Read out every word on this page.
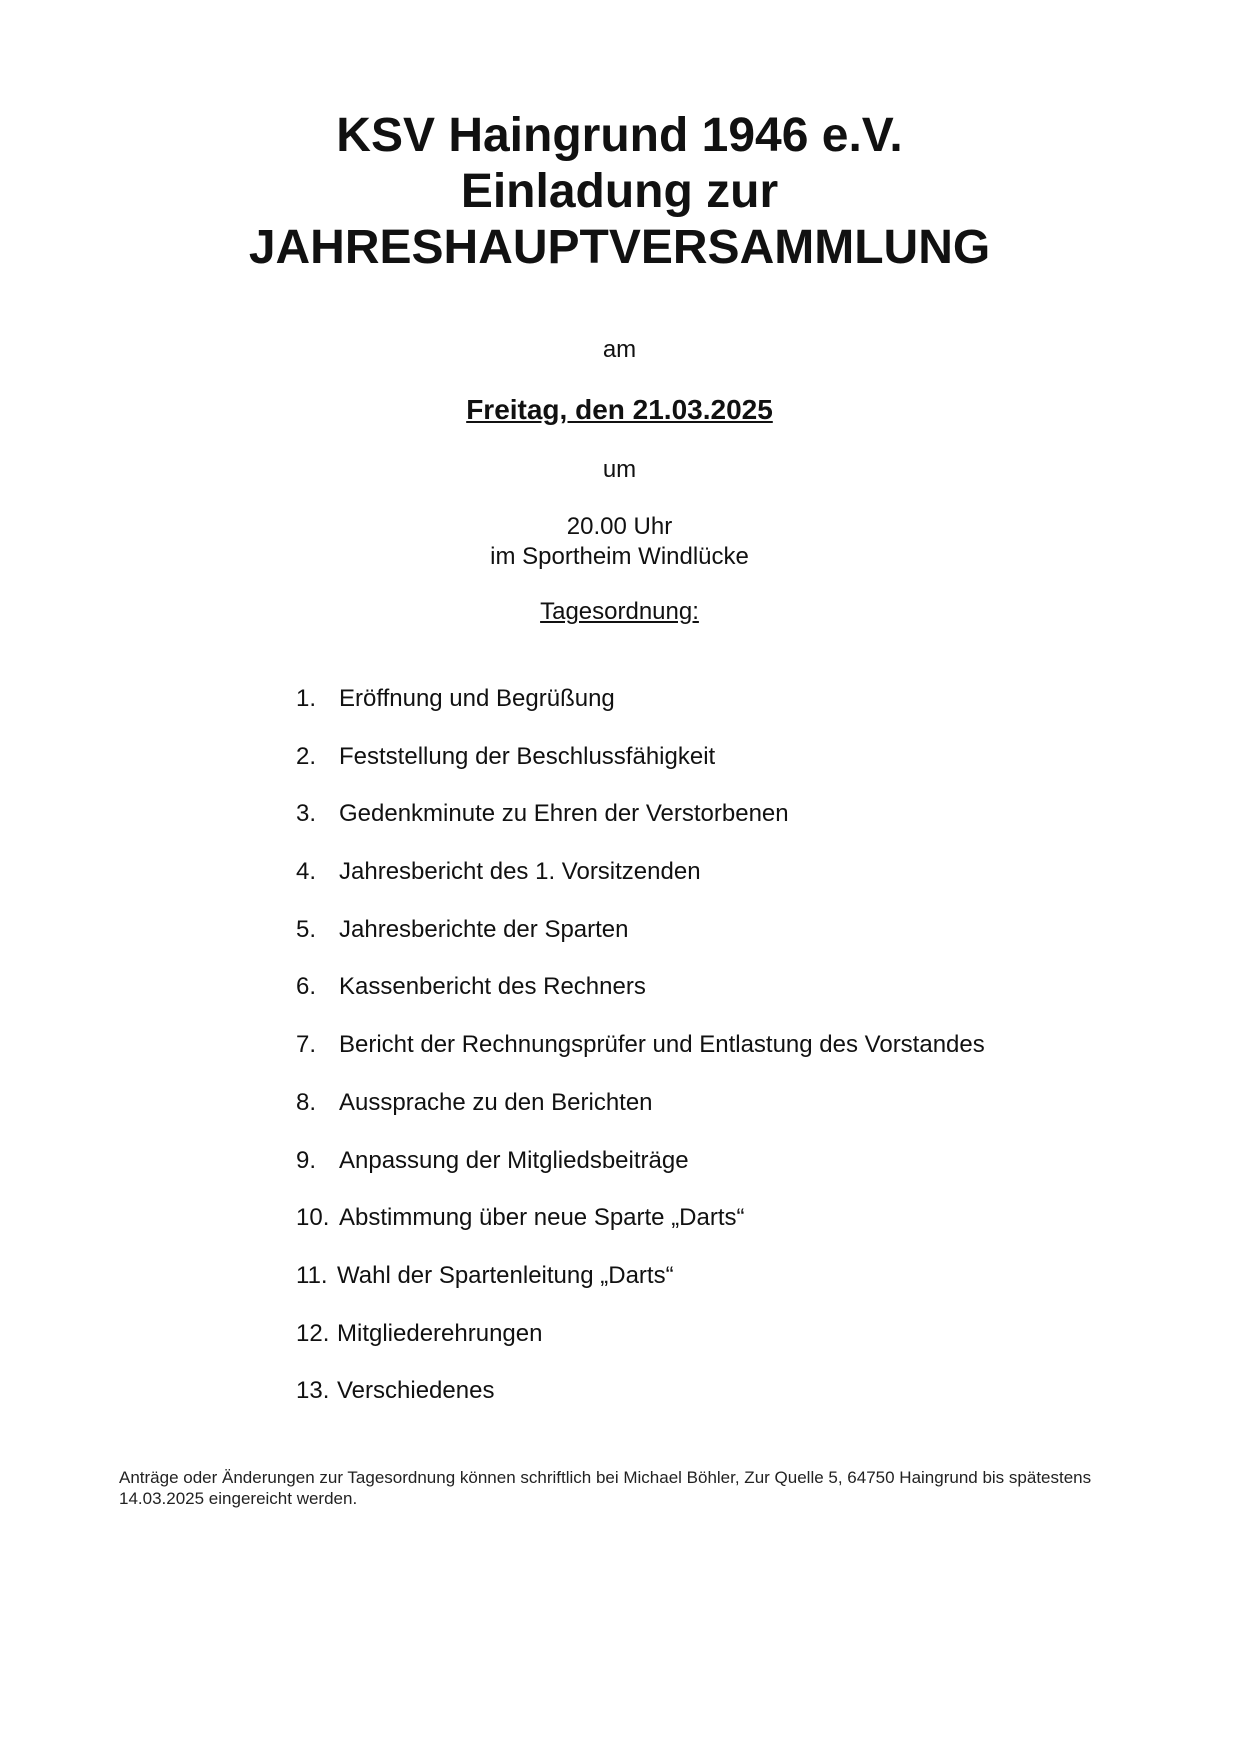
KSV Haingrund 1946 e.V.
Einladung zur
JAHRESHAUPTVERSAMMLUNG
am
Freitag, den 21.03.2025
um
20.00 Uhr
im Sportheim Windlücke
Tagesordnung:
1. Eröffnung und Begrüßung
2. Feststellung der Beschlussfähigkeit
3. Gedenkminute zu Ehren der Verstorbenen
4. Jahresbericht des 1. Vorsitzenden
5. Jahresberichte der Sparten
6. Kassenbericht des Rechners
7. Bericht der Rechnungsprüfer und Entlastung des Vorstandes
8. Aussprache zu den Berichten
9. Anpassung der Mitgliedsbeiträge
10. Abstimmung über neue Sparte „Darts“
11. Wahl der Spartenleitung „Darts“
12. Mitgliederehrungen
13. Verschiedenes
Anträge oder Änderungen zur Tagesordnung können schriftlich bei Michael Böhler, Zur Quelle 5, 64750 Haingrund bis spätestens 14.03.2025 eingereicht werden.
